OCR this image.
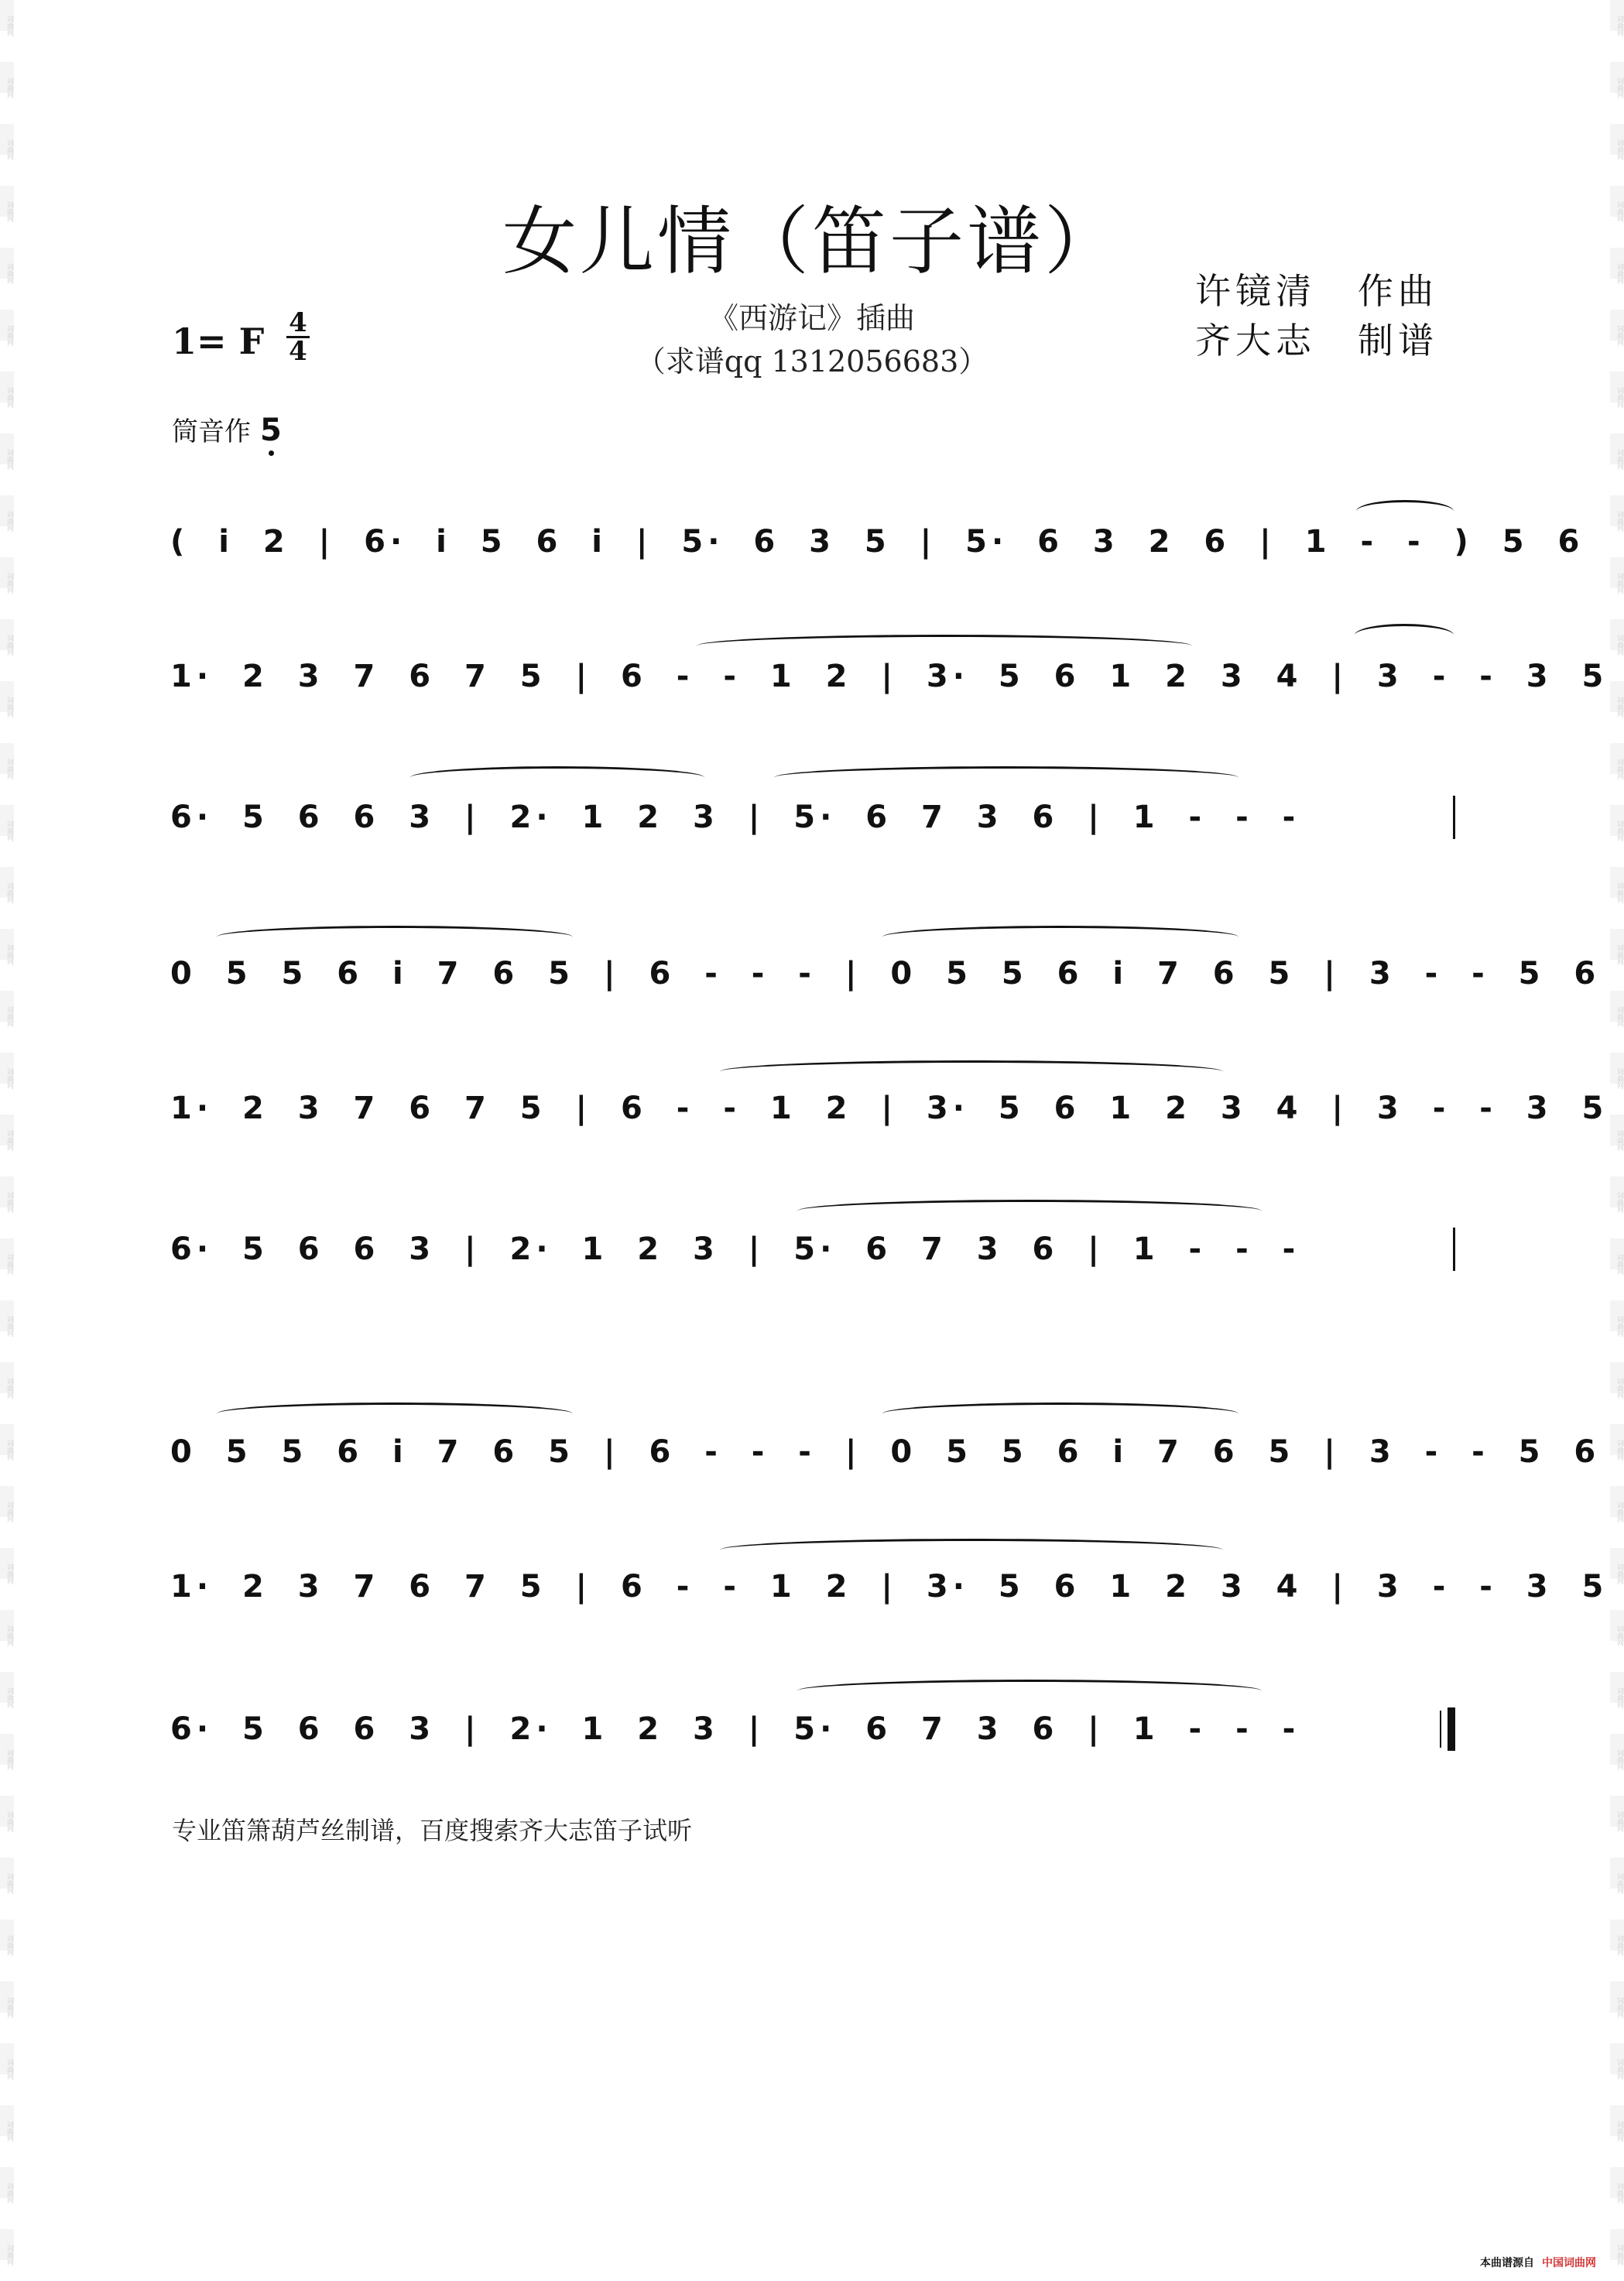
词曲网
词曲网
词曲网
词曲网
词曲网
词曲网
词曲网
词曲网
词曲网
词曲网
词曲网
词曲网
词曲网
词曲网
词曲网
词曲网
词曲网
词曲网
词曲网
词曲网
词曲网
词曲网
词曲网
词曲网
词曲网
词曲网
词曲网
词曲网
词曲网
词曲网
词曲网
词曲网
词曲网
词曲网
词曲网
词曲网
词曲网
词曲网
词曲网
词曲网
词曲网
词曲网
词曲网
词曲网
词曲网
词曲网
词曲网
词曲网
词曲网
词曲网
词曲网
词曲网
词曲网
词曲网
词曲网
词曲网
词曲网
词曲网
词曲网
词曲网
词曲网
词曲网
词曲网
词曲网
词曲网
词曲网
词曲网
词曲网
词曲网
词曲网
词曲网
词曲网
词曲网
词曲网
女儿情（笛子谱）
《西游记》插曲
（求谱qq 1312056683）
1= F 4
4
许镜清 作曲
齐大志 制谱
筒音作 5
( i 2 | 6· i 5 6 i | 5· 6 3 5 | 5· 6 3 2 6 | 1 - - ) 5 6
1· 2 3 7 6 7 5 | 6 - - 1 2 | 3· 5 6 1 2 3 4 | 3 - - 3 5
6· 5 6 6 3 | 2· 1 2 3 | 5· 6 7 3 6 | 1 - - -
0 5 5 6 i 7 6 5 | 6 - - - | 0 5 5 6 i 7 6 5 | 3 - - 5 6
1· 2 3 7 6 7 5 | 6 - - 1 2 | 3· 5 6 1 2 3 4 | 3 - - 3 5
6· 5 6 6 3 | 2· 1 2 3 | 5· 6 7 3 6 | 1 - - -
0 5 5 6 i 7 6 5 | 6 - - - | 0 5 5 6 i 7 6 5 | 3 - - 5 6
1· 2 3 7 6 7 5 | 6 - - 1 2 | 3· 5 6 1 2 3 4 | 3 - - 3 5
6· 5 6 6 3 | 2· 1 2 3 | 5· 6 7 3 6 | 1 - - -
专业笛箫葫芦丝制谱，百度搜索齐大志笛子试听
本曲谱源自 中国词曲网
